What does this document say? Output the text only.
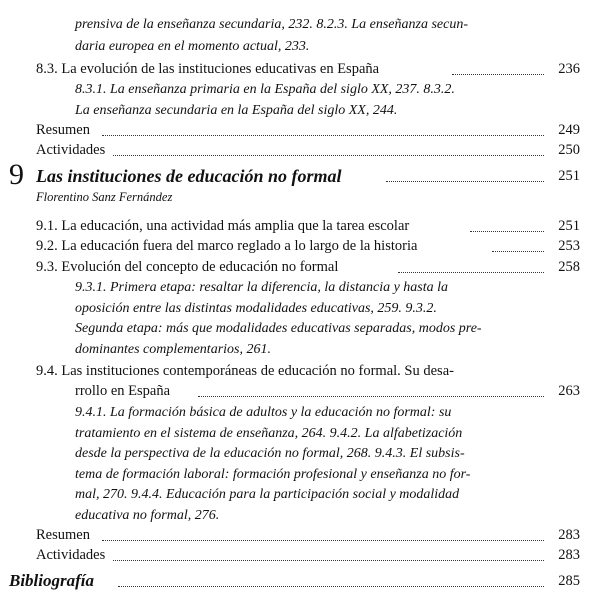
prensiva de la enseñanza secundaria, 232. 8.2.3. La enseñanza secun-
daria europea en el momento actual, 233.
8.3. La evolución de las instituciones educativas en España	236
8.3.1. La enseñanza primaria en la España del siglo XX, 237. 8.3.2.
La enseñanza secundaria en la España del siglo XX, 244.
Resumen	249
Actividades	250
9 Las instituciones de educación no formal	251
Florentino Sanz Fernández
9.1. La educación, una actividad más amplia que la tarea escolar	251
9.2. La educación fuera del marco reglado a lo largo de la historia	253
9.3. Evolución del concepto de educación no formal	258
9.3.1. Primera etapa: resaltar la diferencia, la distancia y hasta la
oposición entre las distintas modalidades educativas, 259. 9.3.2.
Segunda etapa: más que modalidades educativas separadas, modos pre-
dominantes complementarios, 261.
9.4. Las instituciones contemporáneas de educación no formal. Su desa-
rrollo en España	263
9.4.1. La formación básica de adultos y la educación no formal: su
tratamiento en el sistema de enseñanza, 264. 9.4.2. La alfabetización
desde la perspectiva de la educación no formal, 268. 9.4.3. El subsis-
tema de formación laboral: formación profesional y enseñanza no for-
mal, 270. 9.4.4. Educación para la participación social y modalidad
educativa no formal, 276.
Resumen	283
Actividades	283
Bibliografía	285
